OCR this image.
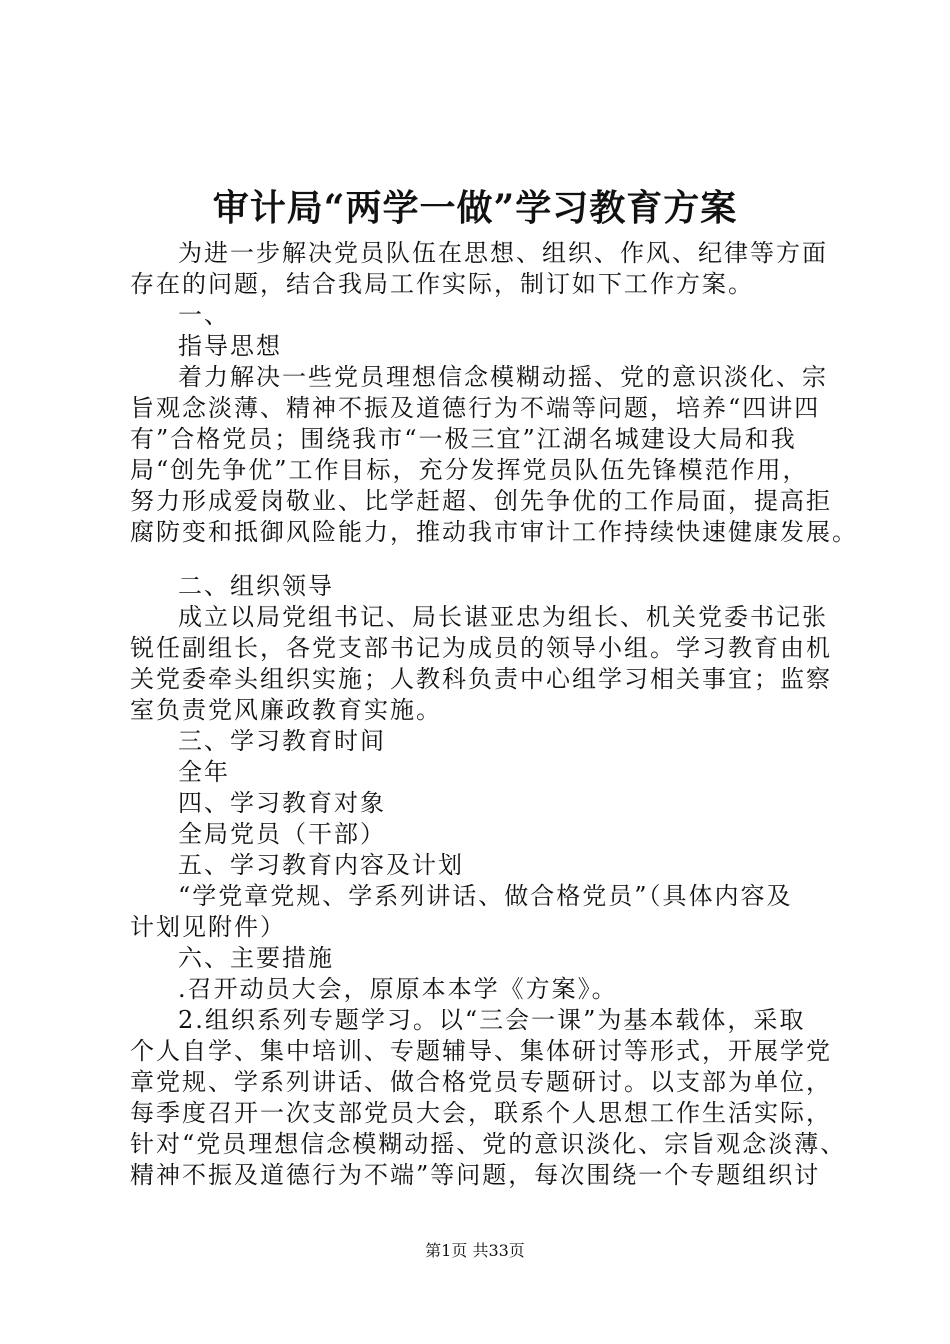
审计局“两学一做”学习教育方案
为进一步解决党员队伍在思想、组织、作风、纪律等方面
存在的问题，结合我局工作实际，制订如下工作方案。
一、
指导思想
着力解决一些党员理想信念模糊动摇、党的意识淡化、宗
旨观念淡薄、精神不振及道德行为不端等问题，培养“四讲四
有”合格党员；围绕我市“一极三宜”江湖名城建设大局和我
局“创先争优”工作目标，充分发挥党员队伍先锋模范作用，
努力形成爱岗敬业、比学赶超、创先争优的工作局面，提高拒
腐防变和抵御风险能力，推动我市审计工作持续快速健康发展。
二、组织领导
成立以局党组书记、局长谌亚忠为组长、机关党委书记张
锐任副组长，各党支部书记为成员的领导小组。学习教育由机
关党委牵头组织实施；人教科负责中心组学习相关事宜；监察
室负责党风廉政教育实施。
三、学习教育时间
全年
四、学习教育对象
全局党员（干部）
五、学习教育内容及计划
“学党章党规、学系列讲话、做合格党员”（具体内容及
计划见附件）
六、主要措施
.召开动员大会，原原本本学《方案》。
2.组织系列专题学习。以“三会一课”为基本载体，采取
个人自学、集中培训、专题辅导、集体研讨等形式，开展学党
章党规、学系列讲话、做合格党员专题研讨。以支部为单位，
每季度召开一次支部党员大会，联系个人思想工作生活实际，
针对“党员理想信念模糊动摇、党的意识淡化、宗旨观念淡薄、
精神不振及道德行为不端”等问题，每次围绕一个专题组织讨
第1页 共33页
